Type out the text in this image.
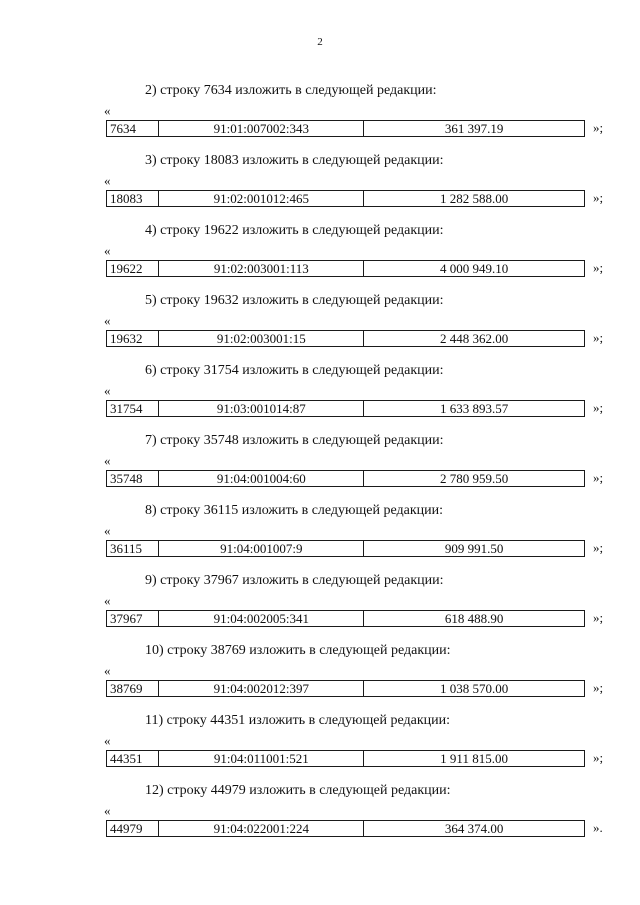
2
2) строку 7634 изложить в следующей редакции:
«
7634	91:01:007002:343	361 397.19	»;
3) строку 18083 изложить в следующей редакции:
«
18083	91:02:001012:465	1 282 588.00	»;
4) строку 19622 изложить в следующей редакции:
«
19622	91:02:003001:113	4 000 949.10	»;
5) строку 19632 изложить в следующей редакции:
«
19632	91:02:003001:15	2 448 362.00	»;
6) строку 31754 изложить в следующей редакции:
«
31754	91:03:001014:87	1 633 893.57	»;
7) строку 35748 изложить в следующей редакции:
«
35748	91:04:001004:60	2 780 959.50	»;
8) строку 36115 изложить в следующей редакции:
«
36115	91:04:001007:9	909 991.50	»;
9) строку 37967 изложить в следующей редакции:
«
37967	91:04:002005:341	618 488.90	»;
10) строку 38769 изложить в следующей редакции:
«
38769	91:04:002012:397	1 038 570.00	»;
11) строку 44351 изложить в следующей редакции:
«
44351	91:04:011001:521	1 911 815.00	»;
12) строку 44979 изложить в следующей редакции:
«
44979	91:04:022001:224	364 374.00	».
